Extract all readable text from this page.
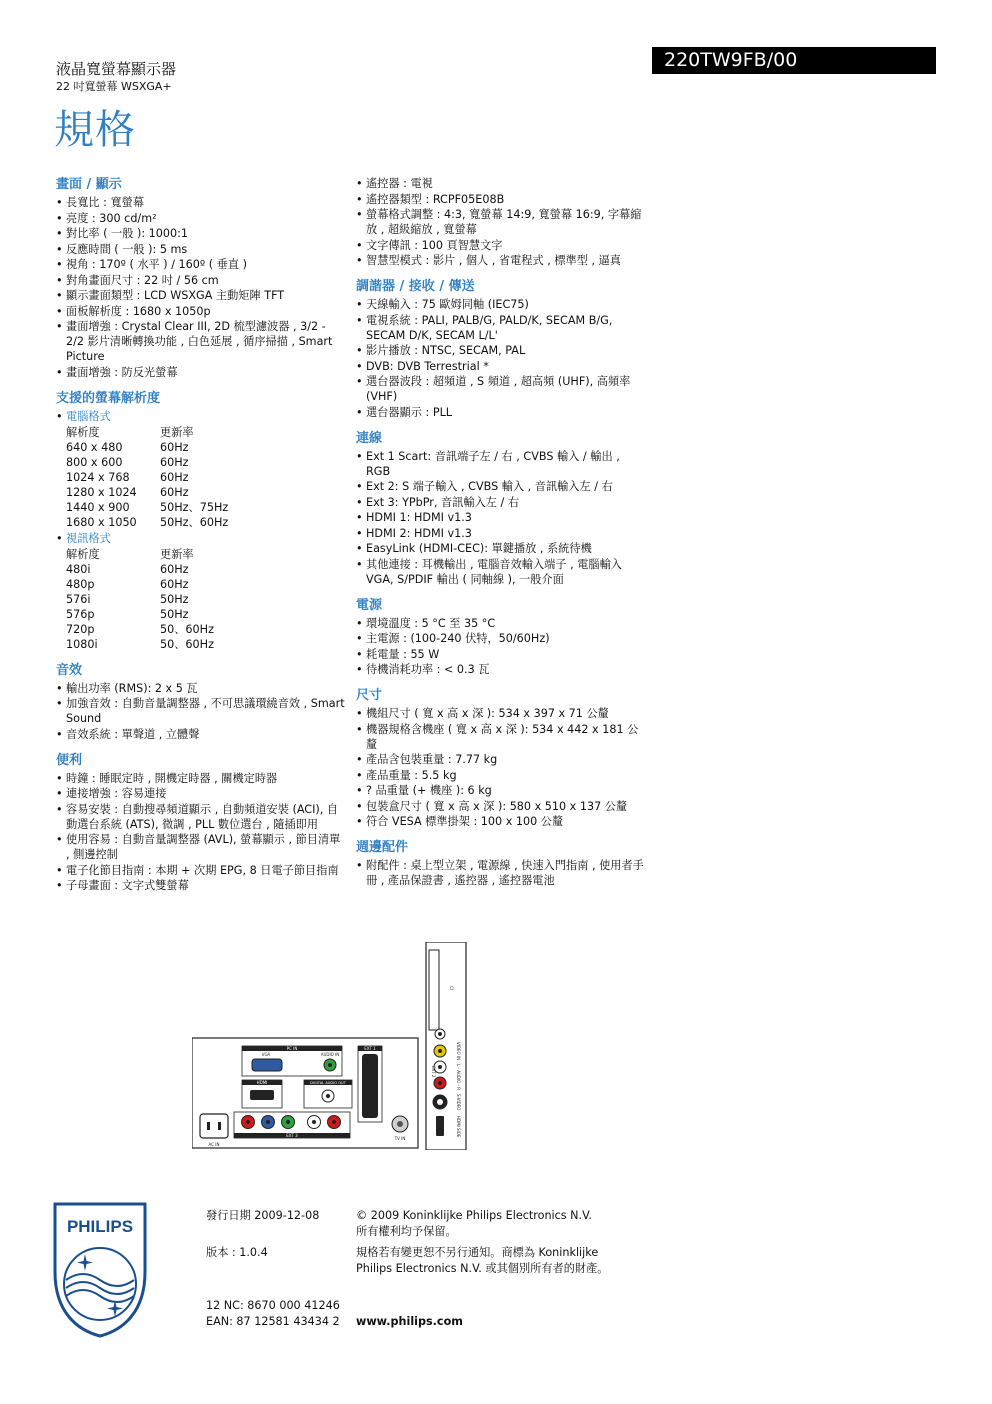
液晶寬螢幕顯示器
22 吋寬螢幕 WSXGA+
規格
220TW9FB/00
畫面 / 顯示
• 長寬比 : 寬螢幕
• 亮度 : 300 cd/m²
• 對比率 ( 一般 ): 1000:1
• 反應時間 ( 一般 ): 5 ms
• 視角 : 170º ( 水平 ) / 160º ( 垂直 )
• 對角畫面尺寸 : 22 吋 / 56 cm
• 顯示畫面類型 : LCD WSXGA 主動矩陣 TFT
• 面板解析度 : 1680 x 1050p
• 畫面增強 : Crystal Clear III, 2D 梳型濾波器 , 3/2 - 2/2 影片清晰轉換功能 , 白色延展 , 循序掃描 , Smart Picture
• 畫面增強 : 防反光螢幕
支援的螢幕解析度
• 電腦格式
解析度	更新率
640 x 480	60Hz
800 x 600	60Hz
1024 x 768	60Hz
1280 x 1024	60Hz
1440 x 900	50Hz、75Hz
1680 x 1050	50Hz、60Hz
• 視訊格式
解析度	更新率
480i	60Hz
480p	60Hz
576i	50Hz
576p	50Hz
720p	50、60Hz
1080i	50、60Hz
音效
• 輸出功率 (RMS): 2 x 5 瓦
• 加強音效 : 自動音量調整器 , 不可思議環繞音效 , Smart Sound
• 音效系統 : 單聲道 , 立體聲
便利
• 時鐘 : 睡眠定時 , 開機定時器 , 關機定時器
• 連接增強 : 容易連接
• 容易安裝 : 自動搜尋頻道顯示 , 自動頻道安裝 (ACI), 自動選台系統 (ATS), 微調 , PLL 數位選台 , 隨插即用
• 使用容易 : 自動音量調整器 (AVL), 螢幕顯示 , 節目清單 , 側邊控制
• 電子化節目指南 : 本期 + 次期 EPG, 8 日電子節目指南
• 子母畫面 : 文字式雙螢幕
• 遙控器 : 電視
• 遙控器類型 : RCPF05E08B
• 螢幕格式調整 : 4:3, 寬螢幕 14:9, 寬螢幕 16:9, 字幕縮放 , 超級縮放 , 寬螢幕
• 文字傳訊 : 100 頁智慧文字
• 智慧型模式 : 影片 , 個人 , 省電程式 , 標準型 , 逼真
調諧器 / 接收 / 傳送
• 天線輸入 : 75 歐姆同軸 (IEC75)
• 電視系統 : PALI, PALB/G, PALD/K, SECAM B/G, SECAM D/K, SECAM L/L'
• 影片播放 : NTSC, SECAM, PAL
• DVB: DVB Terrestrial *
• 選台器波段 : 超頻道 , S 頻道 , 超高頻 (UHF), 高頻率 (VHF)
• 選台器顯示 : PLL
連線
• Ext 1 Scart: 音訊端子左 / 右 , CVBS 輸入 / 輸出 , RGB
• Ext 2: S 端子輸入 , CVBS 輸入 , 音訊輸入左 / 右
• Ext 3: YPbPr, 音訊輸入左 / 右
• HDMI 1: HDMI v1.3
• HDMI 2: HDMI v1.3
• EasyLink (HDMI-CEC): 單鍵播放 , 系統待機
• 其他連接 : 耳機輸出 , 電腦音效輸入端子 , 電腦輸入 VGA, S/PDIF 輸出 ( 同軸線 ), 一般介面
電源
• 環境溫度 : 5 °C 至 35 °C
• 主電源 : (100-240 伏特，50/60Hz)
• 耗電量 : 55 W
• 待機消耗功率 : < 0.3 瓦
尺寸
• 機組尺寸 ( 寬 x 高 x 深 ): 534 x 397 x 71 公釐
• 機器規格含機座 ( 寬 x 高 x 深 ): 534 x 442 x 181 公釐
• 產品含包裝重量 : 7.77 kg
• 產品重量 : 5.5 kg
• ? 品重量 (+ 機座 ): 6 kg
• 包裝盒尺寸 ( 寬 x 高 x 深 ): 580 x 510 x 137 公釐
• 符合 VESA 標準掛架 : 100 x 100 公釐
週邊配件
• 附配件 : 桌上型立架 , 電源線 , 快速入門指南 , 使用者手冊 , 產品保證書 , 遙控器 , 遙控器電池
CI
VIDEO IN
L - AUDIO - R
S-VIDEO
HDMI SIDE
EXT 2
PC IN
VGA	AUDIO IN
HDMI	DIGITAL AUDIO OUT
EXT 1
EXT 3
AC IN
TV IN
PHILIPS
發行日期 2009-12-08
版本 : 1.0.4
12 NC: 8670 000 41246
EAN: 87 12581 43434 2
© 2009 Koninklijke Philips Electronics N.V.
所有權利均予保留。
規格若有變更恕不另行通知。商標為 Koninklijke
Philips Electronics N.V. 或其個別所有者的財產。
www.philips.com
